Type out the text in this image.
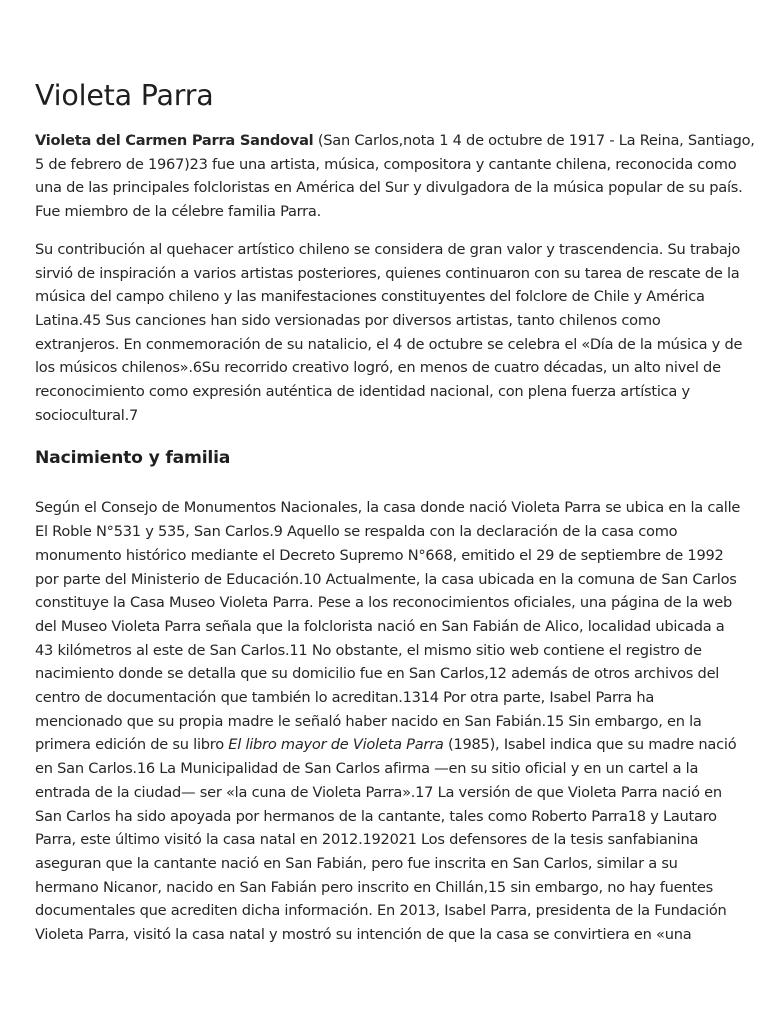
Violeta Parra

Violeta del Carmen Parra Sandoval (San Carlos,nota 1 4 de octubre de 1917 - La Reina, Santiago,
5 de febrero de 1967)23 fue una artista, música, compositora y cantante chilena, reconocida como
una de las principales folcloristas en América del Sur y divulgadora de la música popular de su país.
Fue miembro de la célebre familia Parra.

Su contribución al quehacer artístico chileno se considera de gran valor y trascendencia. Su trabajo
sirvió de inspiración a varios artistas posteriores, quienes continuaron con su tarea de rescate de la
música del campo chileno y las manifestaciones constituyentes del folclore de Chile y América
Latina.45 Sus canciones han sido versionadas por diversos artistas, tanto chilenos como
extranjeros. En conmemoración de su natalicio, el 4 de octubre se celebra el «Día de la música y de
los músicos chilenos».6Su recorrido creativo logró, en menos de cuatro décadas, un alto nivel de
reconocimiento como expresión auténtica de identidad nacional, con plena fuerza artística y
sociocultural.7

Nacimiento y familia

Según el Consejo de Monumentos Nacionales, la casa donde nació Violeta Parra se ubica en la calle
El Roble N°531 y 535, San Carlos.9 Aquello se respalda con la declaración de la casa como
monumento histórico mediante el Decreto Supremo N°668, emitido el 29 de septiembre de 1992
por parte del Ministerio de Educación.10 Actualmente, la casa ubicada en la comuna de San Carlos
constituye la Casa Museo Violeta Parra. Pese a los reconocimientos oficiales, una página de la web
del Museo Violeta Parra señala que la folclorista nació en San Fabián de Alico, localidad ubicada a
43 kilómetros al este de San Carlos.11 No obstante, el mismo sitio web contiene el registro de
nacimiento donde se detalla que su domicilio fue en San Carlos,12 además de otros archivos del
centro de documentación que también lo acreditan.1314 Por otra parte, Isabel Parra ha
mencionado que su propia madre le señaló haber nacido en San Fabián.15 Sin embargo, en la
primera edición de su libro El libro mayor de Violeta Parra (1985), Isabel indica que su madre nació
en San Carlos.16 La Municipalidad de San Carlos afirma —en su sitio oficial y en un cartel a la
entrada de la ciudad— ser «la cuna de Violeta Parra».17 La versión de que Violeta Parra nació en
San Carlos ha sido apoyada por hermanos de la cantante, tales como Roberto Parra18 y Lautaro
Parra, este último visitó la casa natal en 2012.192021 Los defensores de la tesis sanfabianina
aseguran que la cantante nació en San Fabián, pero fue inscrita en San Carlos, similar a su
hermano Nicanor, nacido en San Fabián pero inscrito en Chillán,15 sin embargo, no hay fuentes
documentales que acrediten dicha información. En 2013, Isabel Parra, presidenta de la Fundación
Violeta Parra, visitó la casa natal y mostró su intención de que la casa se convirtiera en «una
